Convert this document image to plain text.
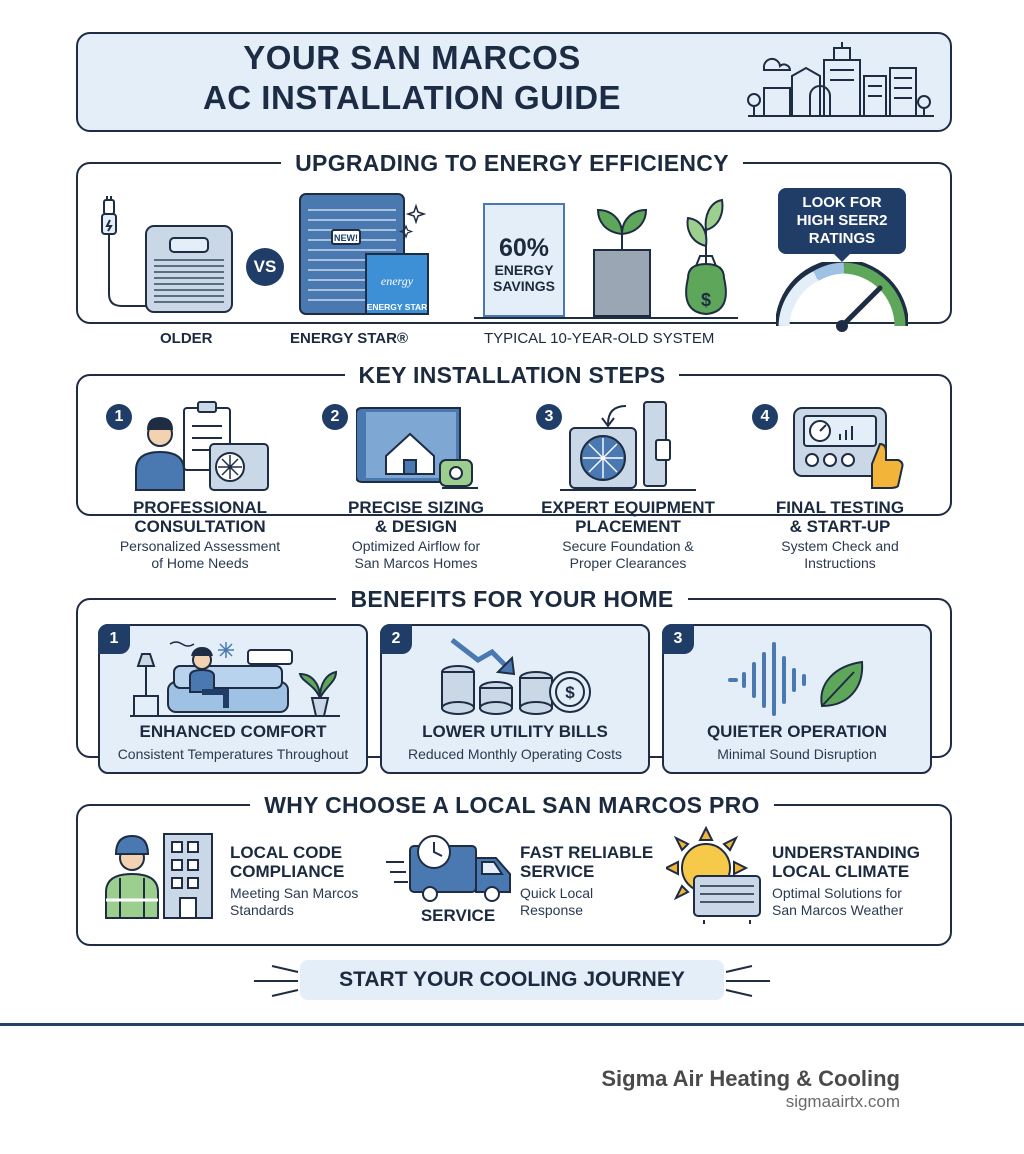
YOUR SAN MARCOS
AC INSTALLATION GUIDE
UPGRADING TO ENERGY EFFICIENCY
OLDER
VS
NEW!
energy
ENERGY STAR
ENERGY STAR®
60%
ENERGY
SAVINGS
$
TYPICAL 10-YEAR-OLD SYSTEM
LOOK FOR
HIGH SEER2
RATINGS
KEY INSTALLATION STEPS
1
PROFESSIONAL
CONSULTATION
Personalized Assessment
of Home Needs
2
PRECISE SIZING
& DESIGN
Optimized Airflow for
San Marcos Homes
3
EXPERT EQUIPMENT
PLACEMENT
Secure Foundation &
Proper Clearances
4
FINAL TESTING
& START-UP
System Check and
Instructions
BENEFITS FOR YOUR HOME
1
ENHANCED COMFORT
Consistent Temperatures Throughout
2
$
LOWER UTILITY BILLS
Reduced Monthly Operating Costs
3
QUIETER OPERATION
Minimal Sound Disruption
WHY CHOOSE A LOCAL SAN MARCOS PRO
LOCAL CODE
COMPLIANCE
Meeting San Marcos
Standards	SERVICE
FAST RELIABLE
SERVICE
Quick Local
Response
UNDERSTANDING
LOCAL CLIMATE
Optimal Solutions for
San Marcos Weather
START YOUR COOLING JOURNEY
Sigma Air Heating & Cooling
sigmaairtx.com
